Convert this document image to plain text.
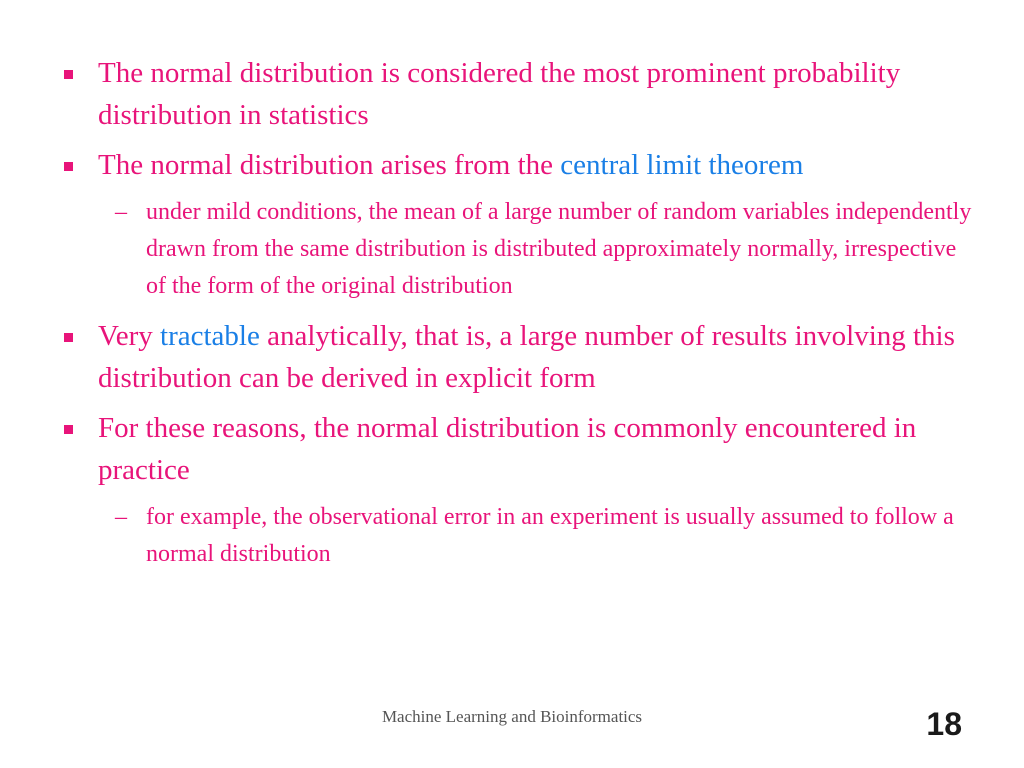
The normal distribution is considered the most prominent probability distribution in statistics
The normal distribution arises from the central limit theorem
– under mild conditions, the mean of a large number of random variables independently drawn from the same distribution is distributed approximately normally, irrespective of the form of the original distribution
Very tractable analytically, that is, a large number of results involving this distribution can be derived in explicit form
For these reasons, the normal distribution is commonly encountered in practice
– for example, the observational error in an experiment is usually assumed to follow a normal distribution
Machine Learning and Bioinformatics	18
